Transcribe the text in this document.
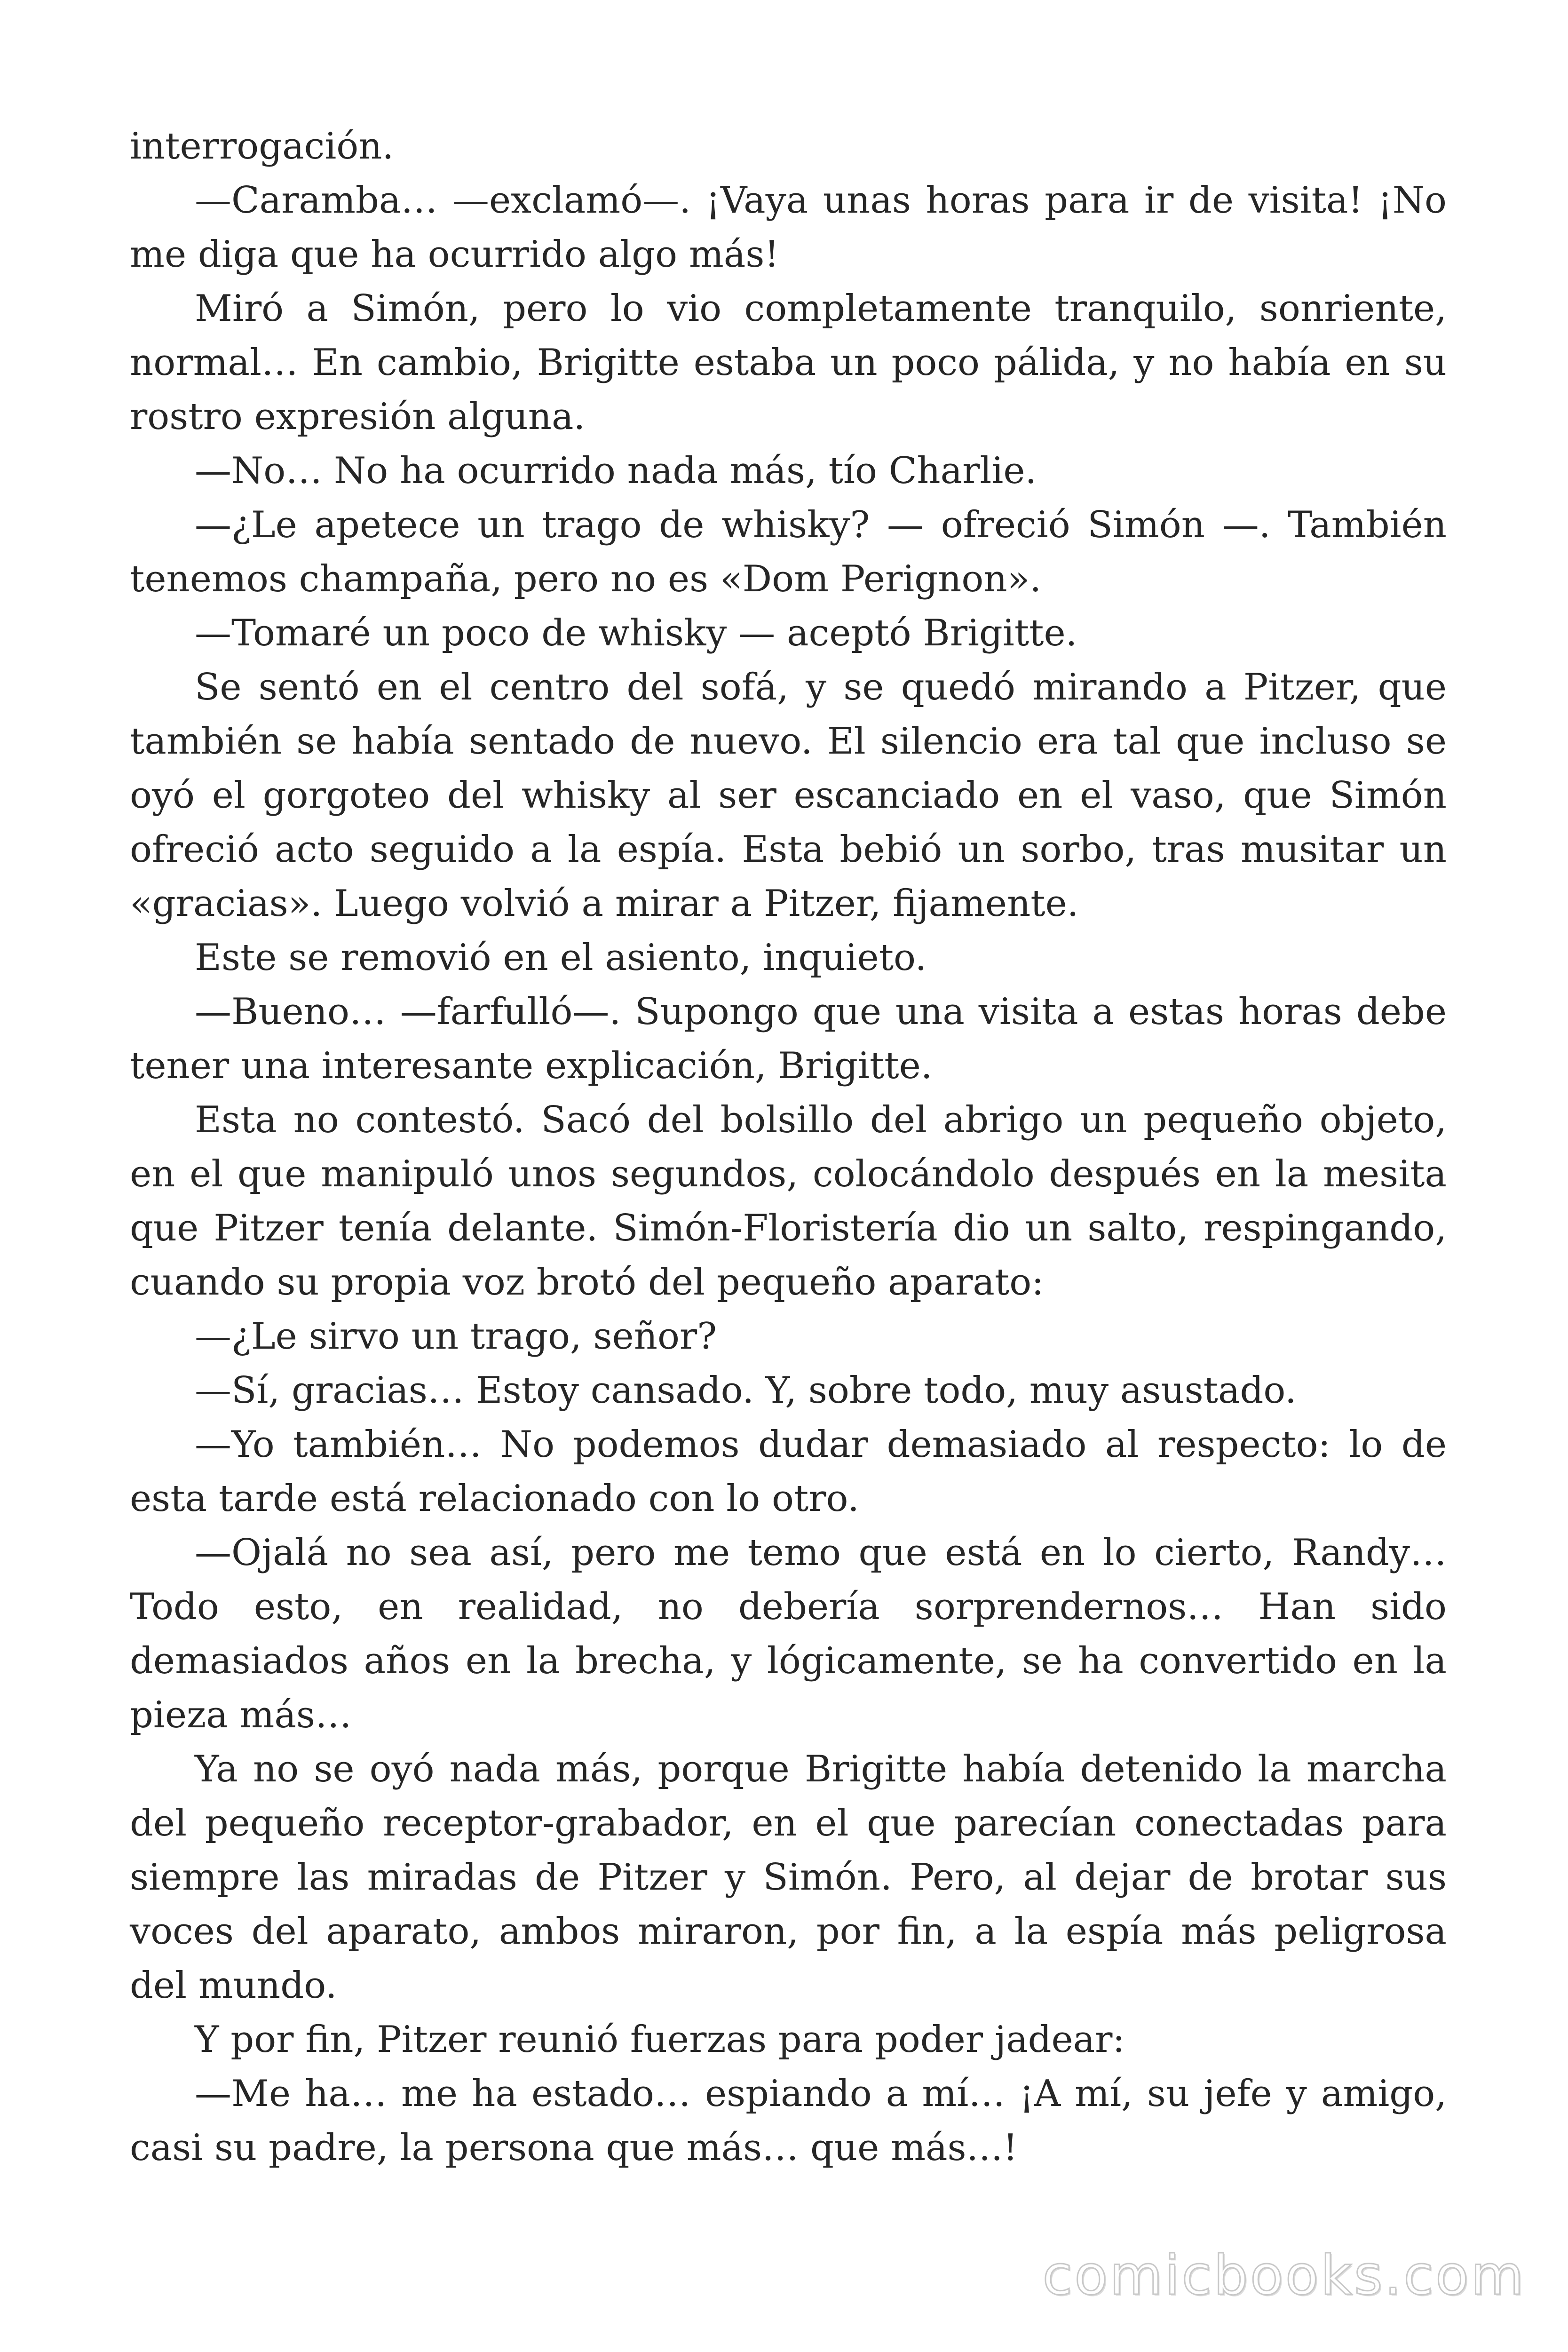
interrogación.

—Caramba… —exclamó—. ¡Vaya unas horas para ir de visita! ¡No me diga que ha ocurrido algo más!

Miró a Simón, pero lo vio completamente tranquilo, sonriente, normal… En cambio, Brigitte estaba un poco pálida, y no había en su rostro expresión alguna.

—No… No ha ocurrido nada más, tío Charlie.

—¿Le apetece un trago de whisky? — ofreció Simón —. También tenemos champaña, pero no es «Dom Perignon».

—Tomaré un poco de whisky — aceptó Brigitte.

Se sentó en el centro del sofá, y se quedó mirando a Pitzer, que también se había sentado de nuevo. El silencio era tal que incluso se oyó el gorgoteo del whisky al ser escanciado en el vaso, que Simón ofreció acto seguido a la espía. Esta bebió un sorbo, tras musitar un «gracias». Luego volvió a mirar a Pitzer, fijamente.

Este se removió en el asiento, inquieto.

—Bueno… —farfulló—. Supongo que una visita a estas horas debe tener una interesante explicación, Brigitte.

Esta no contestó. Sacó del bolsillo del abrigo un pequeño objeto, en el que manipuló unos segundos, colocándolo después en la mesita que Pitzer tenía delante. Simón-Floristería dio un salto, respingando, cuando su propia voz brotó del pequeño aparato:

—¿Le sirvo un trago, señor?

—Sí, gracias… Estoy cansado. Y, sobre todo, muy asustado.

—Yo también… No podemos dudar demasiado al respecto: lo de esta tarde está relacionado con lo otro.

—Ojalá no sea así, pero me temo que está en lo cierto, Randy… Todo esto, en realidad, no debería sorprendernos… Han sido demasiados años en la brecha, y lógicamente, se ha convertido en la pieza más…

Ya no se oyó nada más, porque Brigitte había detenido la marcha del pequeño receptor-grabador, en el que parecían conectadas para siempre las miradas de Pitzer y Simón. Pero, al dejar de brotar sus voces del aparato, ambos miraron, por fin, a la espía más peligrosa del mundo.

Y por fin, Pitzer reunió fuerzas para poder jadear:

—Me ha… me ha estado… espiando a mí… ¡A mí, su jefe y amigo, casi su padre, la persona que más… que más…!

comicbooks.com
